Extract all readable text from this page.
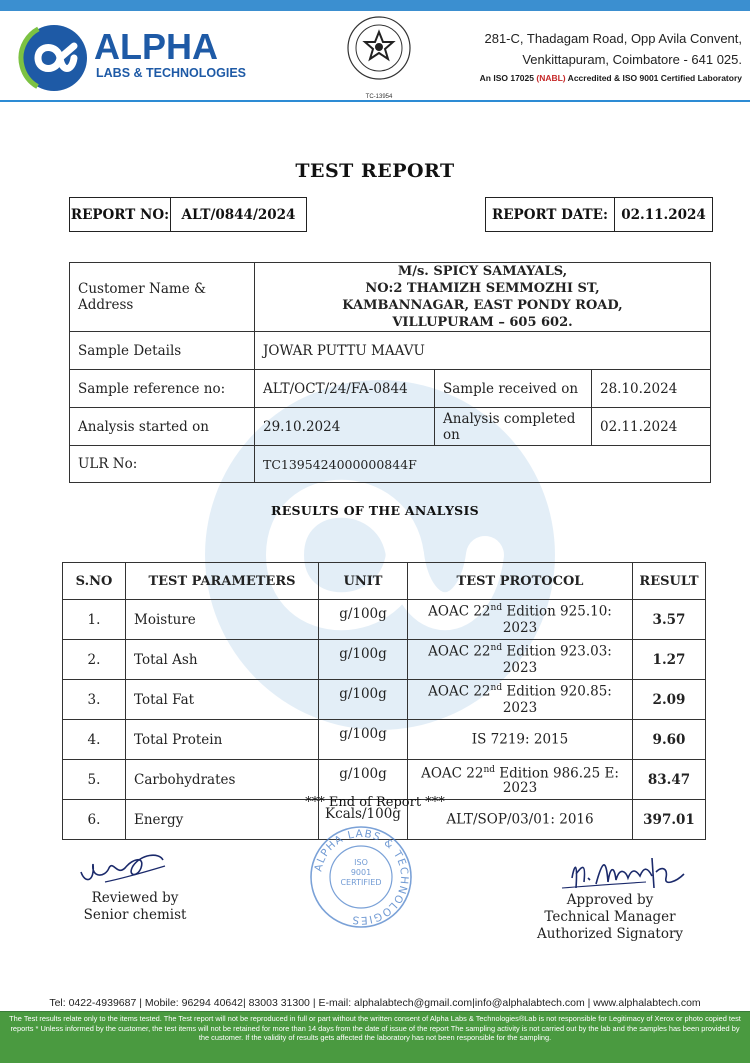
ALPHA
LABS & TECHNOLOGIES
TC-13954
281-C, Thadagam Road, Opp Avila Convent,
Venkittapuram, Coimbatore - 641 025.
An ISO 17025 (NABL) Accredited & ISO 9001 Certified Laboratory
TEST REPORT
REPORT NO: ALT/0844/2024	REPORT DATE: 02.11.2024
Customer Name & Address	M/s. SPICY SAMAYALS,
NO:2 THAMIZH SEMMOZHI ST,
KAMBANNAGAR, EAST PONDY ROAD,
VILLUPURAM – 605 602.		

Sample Details	JOWAR PUTTU MAAVU		
Sample reference no:	ALT/OCT/24/FA-0844	Sample received on	28.10.2024
Analysis started on	29.10.2024	Analysis completed on	02.11.2024
ULR No:	TC1395424000000844F		
RESULTS OF THE ANALYSIS
S.NO	TEST PARAMETERS	UNIT	TEST PROTOCOL	RESULT
1.	Moisture	g/100g	AOAC 22nd Edition 925.10: 2023	3.57
2.	Total Ash	g/100g	AOAC 22nd Edition 923.03: 2023	1.27
3.	Total Fat	g/100g	AOAC 22nd Edition 920.85: 2023	2.09
4.	Total Protein	g/100g	IS 7219: 2015	9.60
5.	Carbohydrates	g/100g	AOAC 22nd Edition 986.25 E: 2023	83.47
6.	Energy	Kcals/100g	ALT/SOP/03/01: 2016	397.01
*** End of Report ***
Reviewed by
Senior chemist
ALPHA LABS & TECHNOLOGIES
ISO
9001
CERTIFIED
Approved by
Technical Manager
Authorized Signatory
Tel: 0422-4939687 | Mobile: 96294 40642| 83003 31300 | E-mail: alphalabtech@gmail.com|info@alphalabtech.com | www.alphalabtech.com
The Test results relate only to the items tested. The Test report will not be reproduced in full or part without the written consent of Alpha Labs & Technologies®Lab is not responsible for Legitimacy of Xerox or photo copied test reports * Unless informed by the customer, the test items will not be retained for more than 14 days from the date of issue of the report The sampling activity is not carried out by the lab and the samples has been provided by the customer. If the validity of results gets affected the laboratory has not been responsible for the sampling.
